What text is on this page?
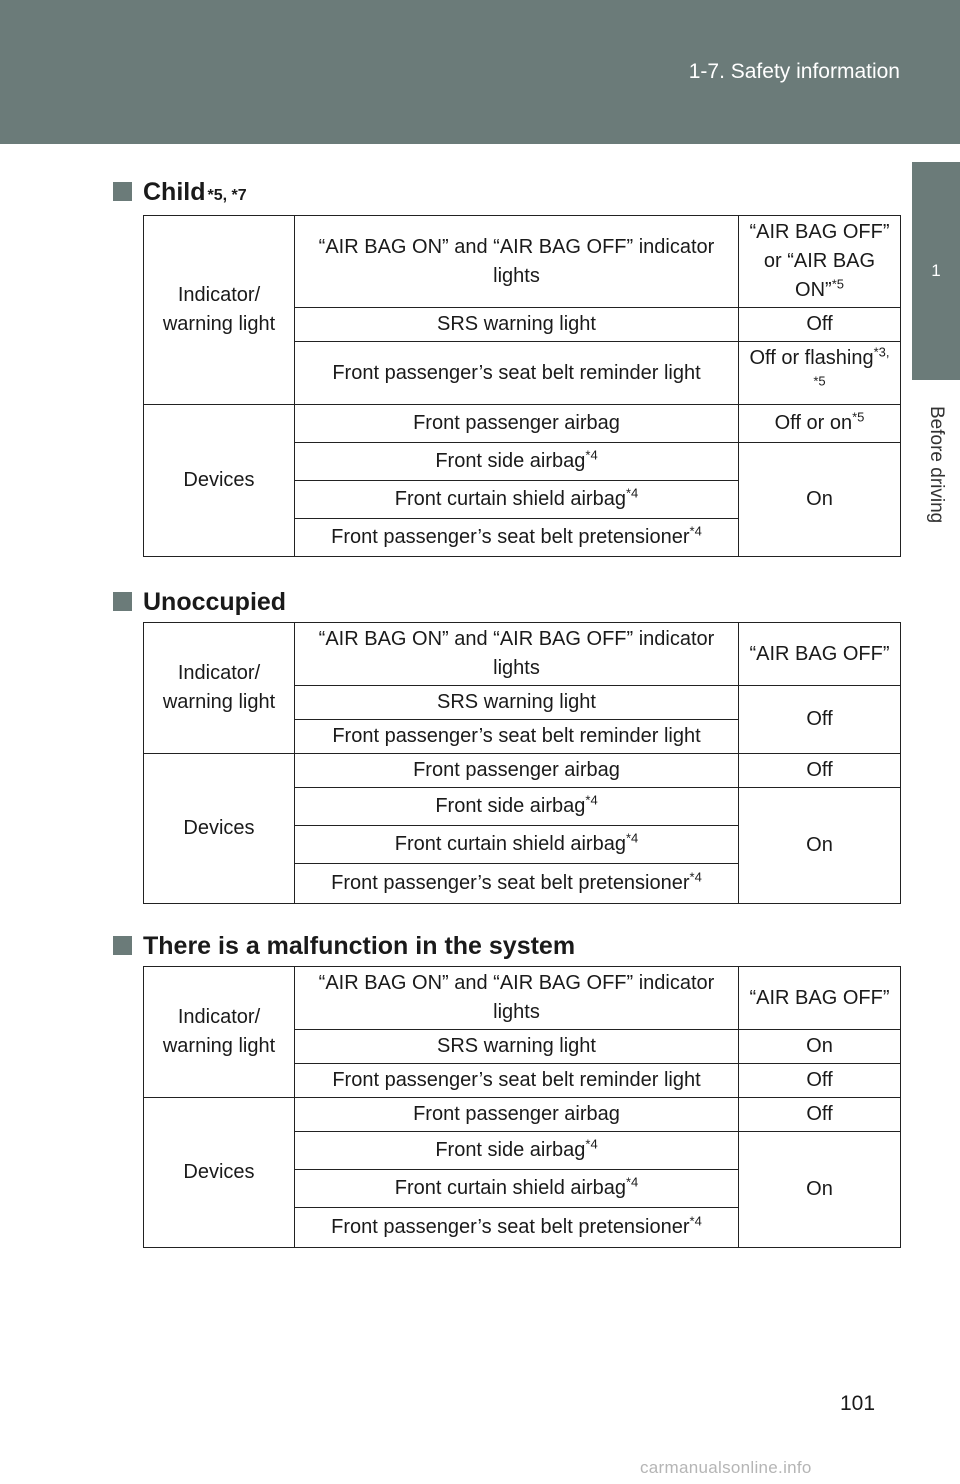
1-7. Safety information
1
Before driving
Child *5, *7
Indicator/ warning light	“AIR BAG ON” and “AIR BAG OFF” indicator lights	“AIR BAG OFF” or “AIR BAG ON”$^{*5}$
	SRS warning light	Off
	Front passenger’s seat belt reminder light	Off or flashing$^{*3, *5}$
Devices	Front passenger airbag	Off or $on^{*5}$
	Front side airbag$^{*4}$	On
	Front curtain shield airbag$^{*4}$
	Front passenger’s seat belt pretensioner$^{*4}$
Unoccupied
Indicator/ warning light	“AIR BAG ON” and “AIR BAG OFF” indicator lights	“AIR BAG OFF”
	SRS warning light	Off
	Front passenger’s seat belt reminder light	
Devices	Front passenger airbag	Off
	Front side airbag$^{*4}$	On
	Front curtain shield airbag$^{*4}$
	Front passenger’s seat belt pretensioner$^{*4}$
There is a malfunction in the system
Indicator/ warning light	“AIR BAG ON” and “AIR BAG OFF” indicator lights	“AIR BAG OFF”
	SRS warning light	On
	Front passenger’s seat belt reminder light	Off
Devices	Front passenger airbag	Off
	Front side airbag$^{*4}$	On
	Front curtain shield airbag$^{*4}$
	Front passenger’s seat belt pretensioner$^{*4}$
101
carmanualsonline.info
